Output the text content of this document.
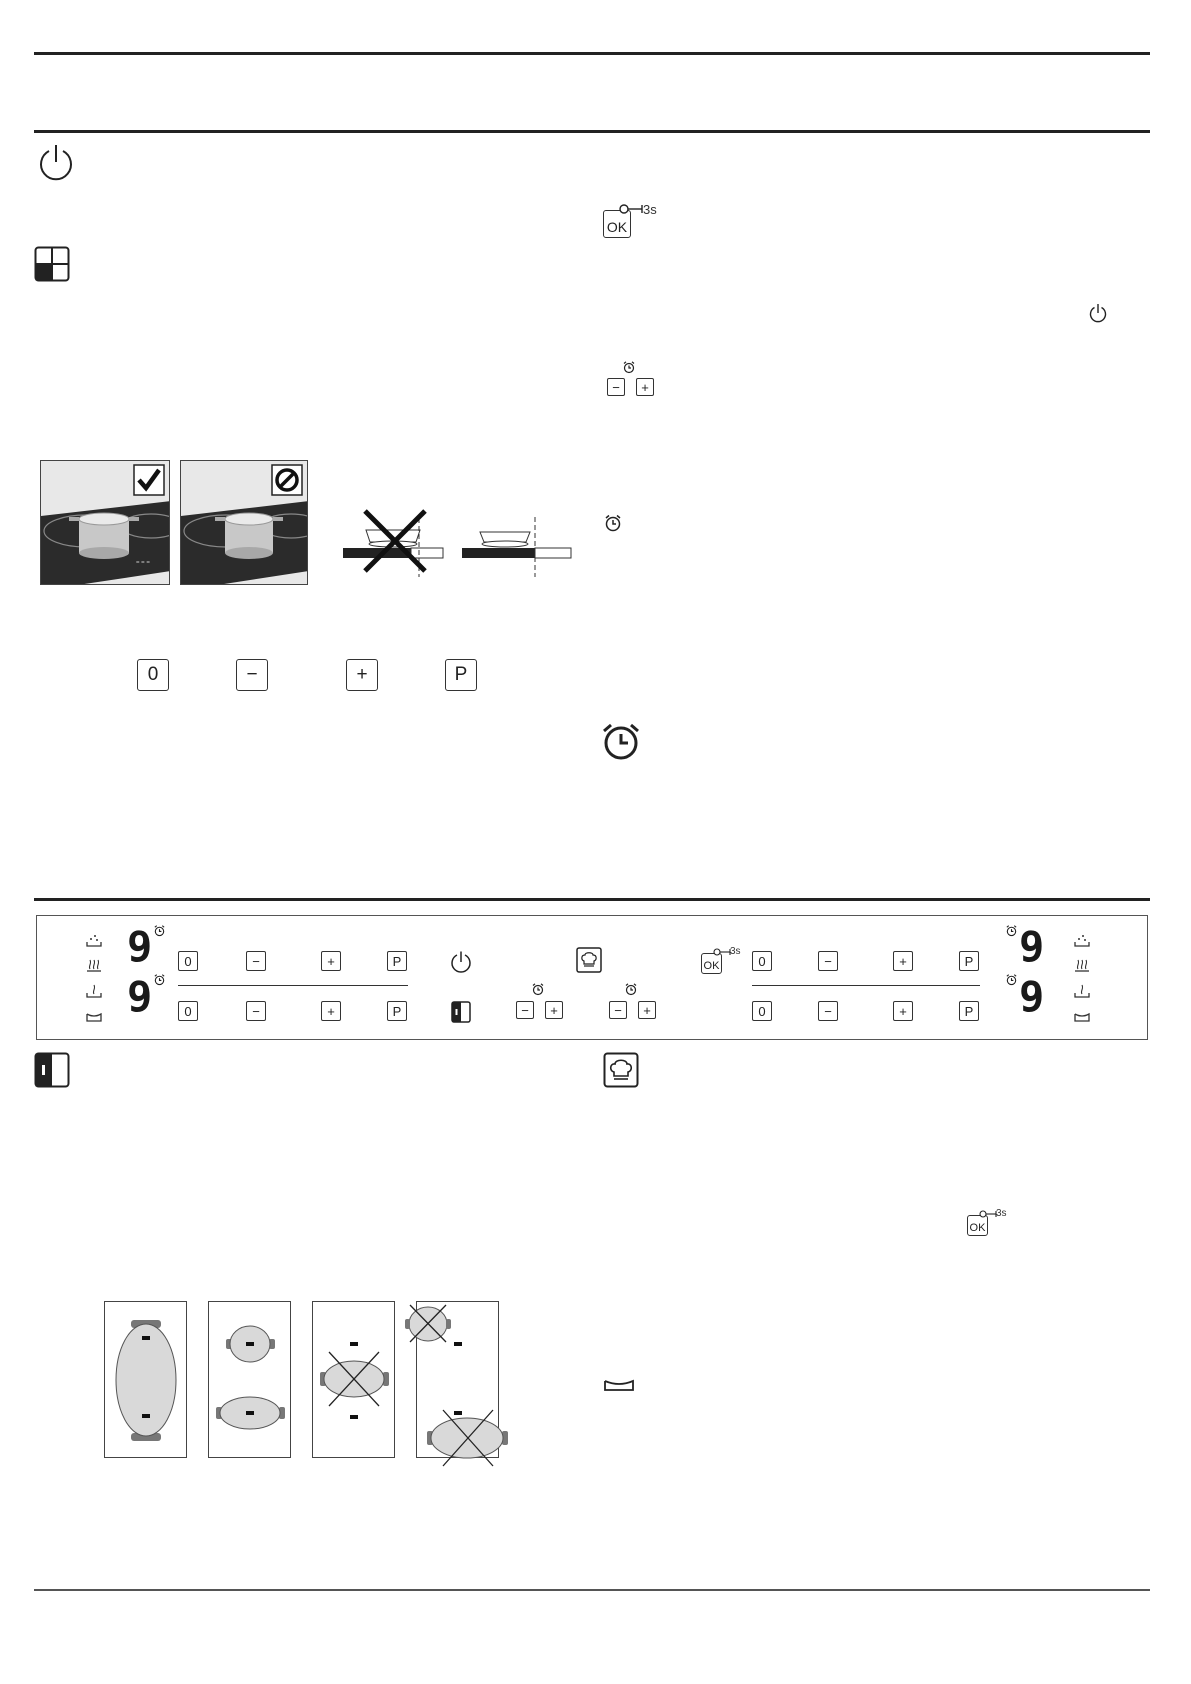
= = =
0	−	+	P
OK
3s
−	+
9
9
0	−	+	P
0	−	+	P	−	+	−	+
OK
3s
0	−	+	P
0	−	+	P
9
9
OK
3s
